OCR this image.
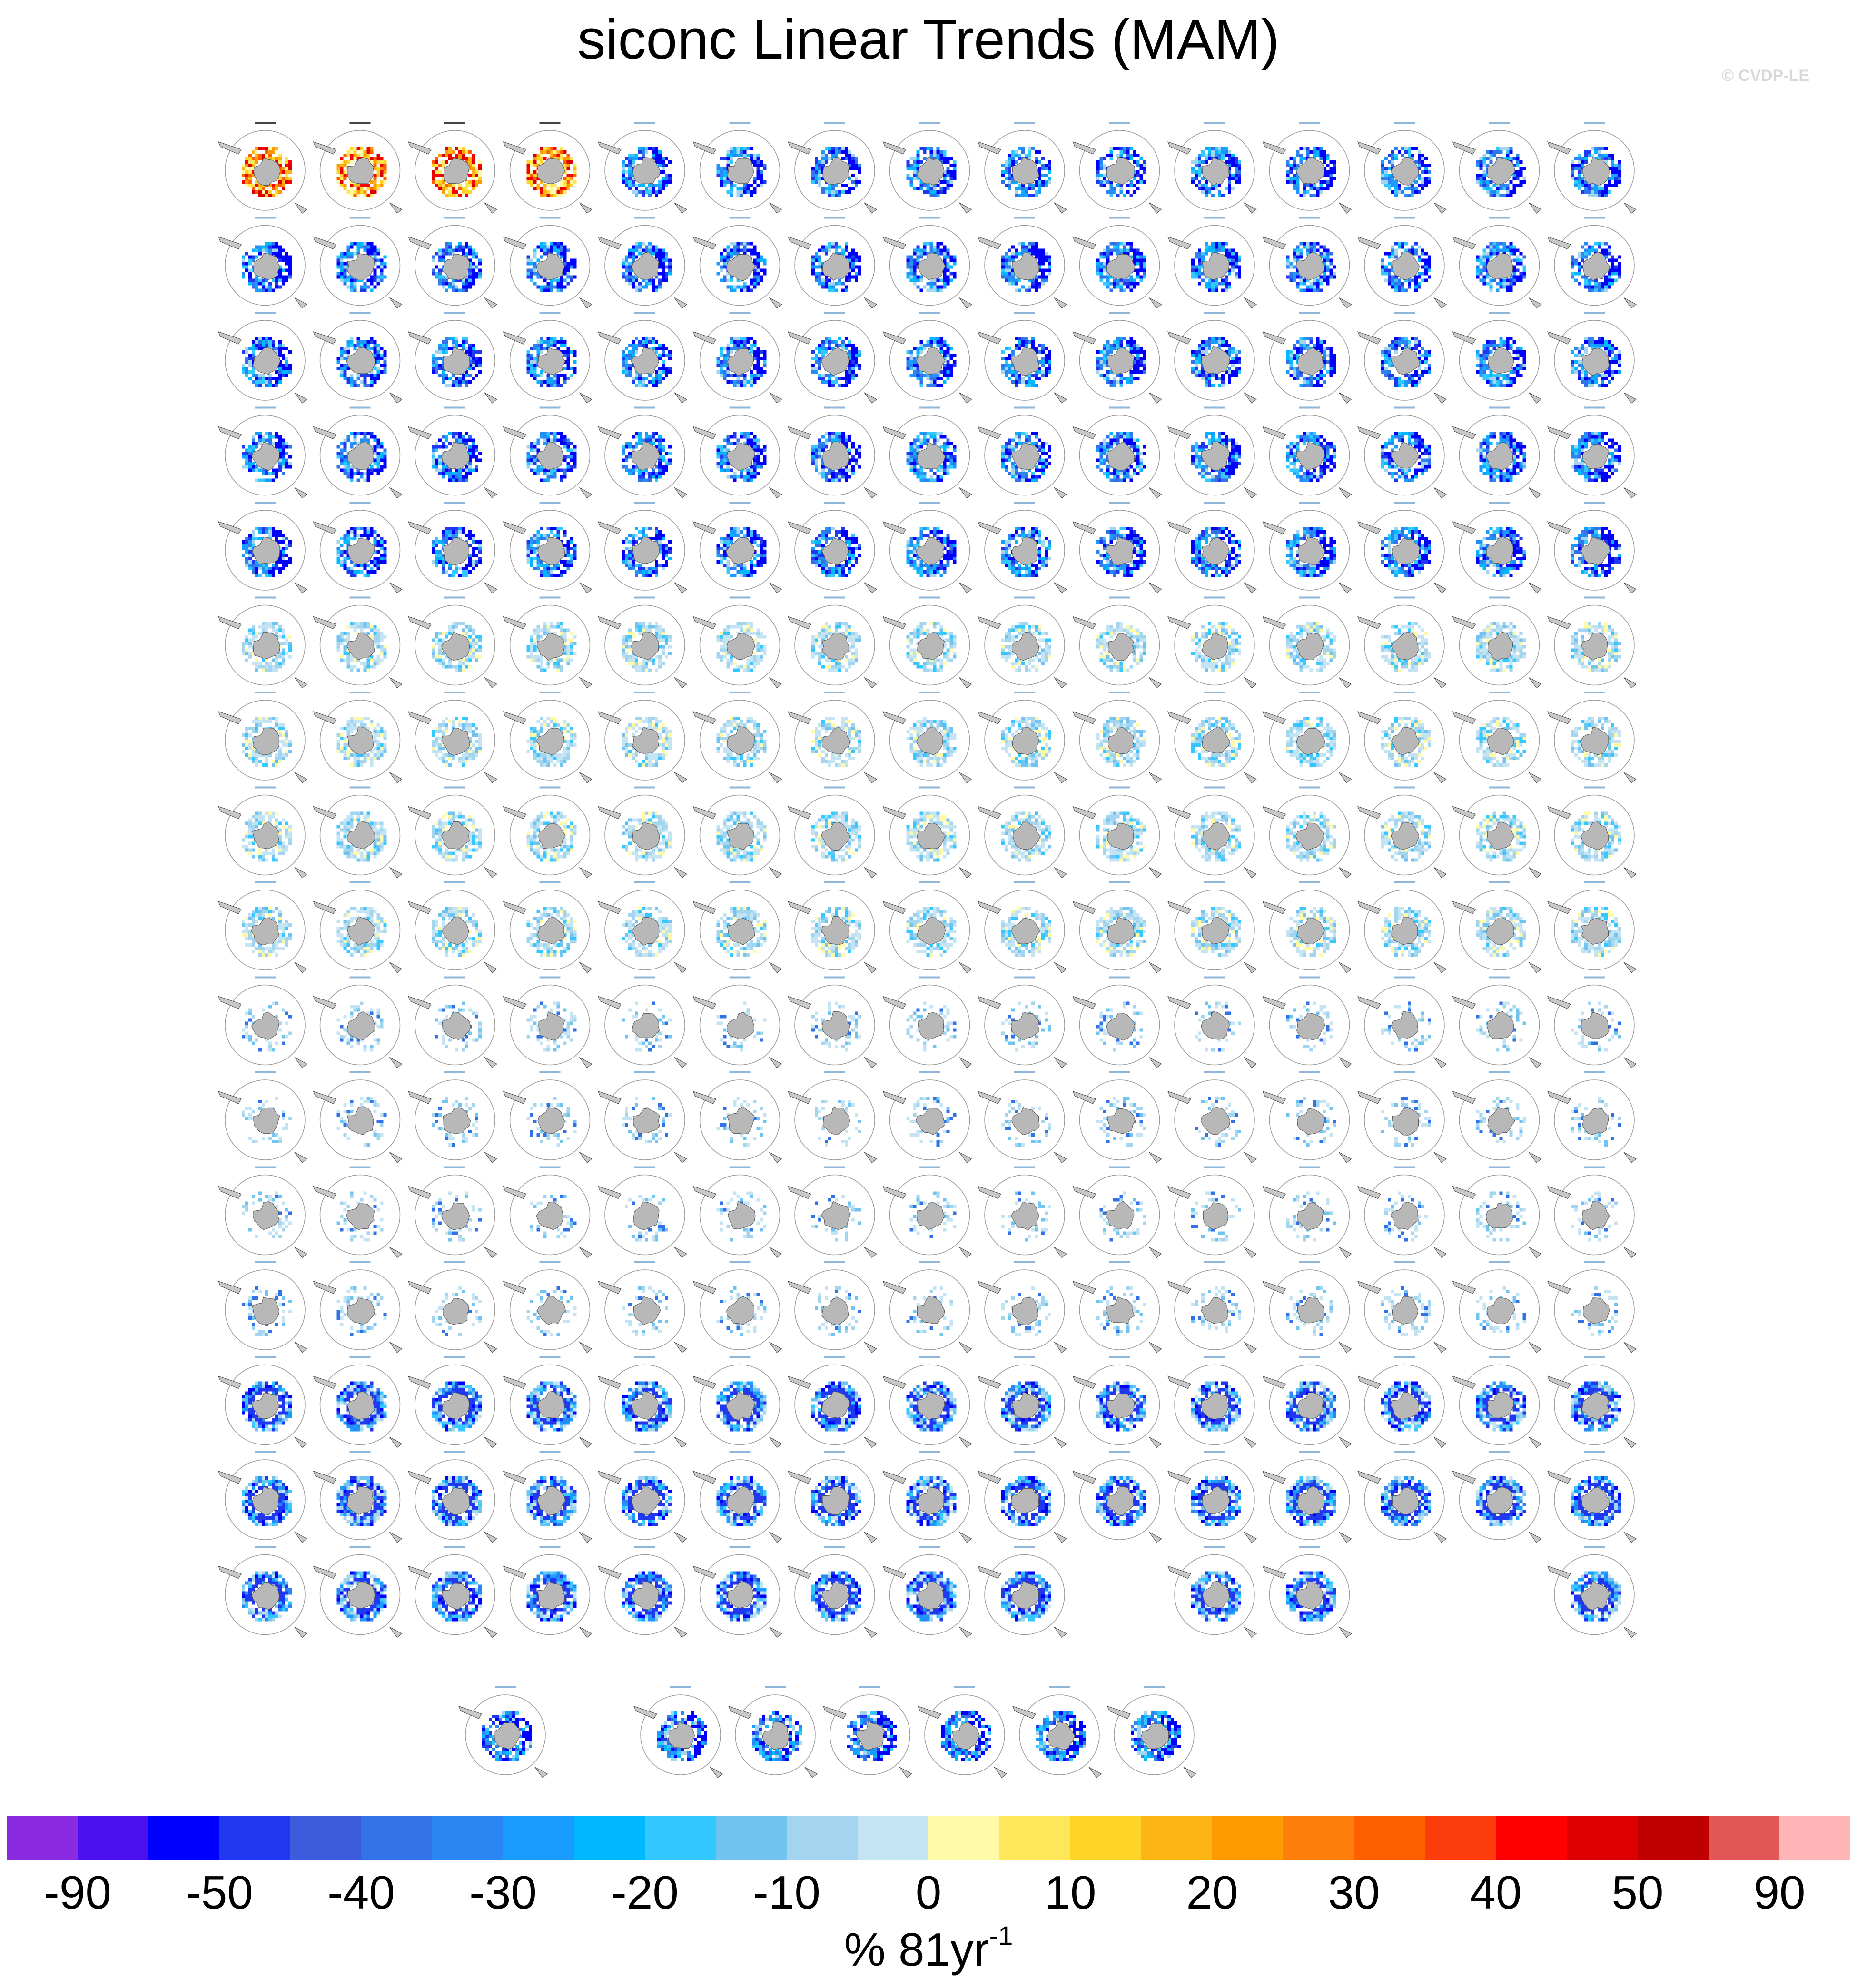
siconc Linear Trends (MAM)
© CVDP-LE
-90 -50 -40 -30 -20 -10 0 10 20 30 40 50 90
% $81yr^{-1}$
